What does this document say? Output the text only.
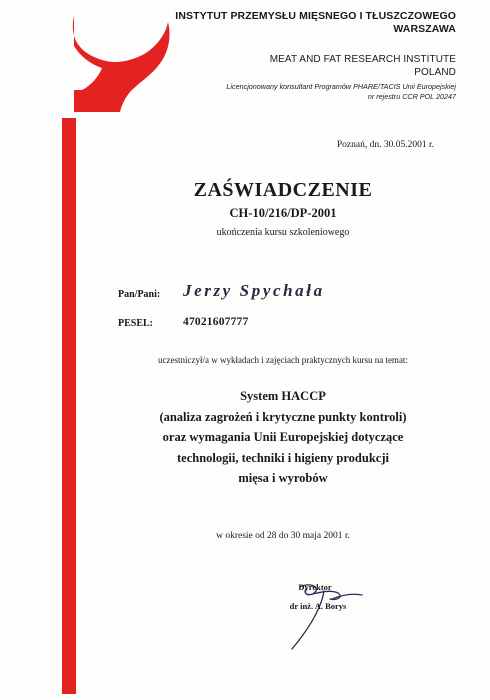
INSTYTUT PRZEMYSŁU MIĘSNEGO I TŁUSZCZOWEGO
WARSZAWA
MEAT AND FAT RESEARCH INSTITUTE
POLAND
Licencjonowany konsultant Programów PHARE/TACIS Unii Europejskiej
nr rejestru CCR POL 20247
Poznań, dn. 30.05.2001 r.
ZAŚWIADCZENIE
CH-10/216/DP-2001
ukończenia kursu szkoleniowego
Pan/Pani: Jerzy Spychała
PESEL:	47021607777
uczestniczył/a w wykładach i zajęciach praktycznych kursu na temat:
System HACCP
(analiza zagrożeń i krytyczne punkty kontroli)
oraz wymagania Unii Europejskiej dotyczące
technologii, techniki i higieny produkcji
mięsa i wyrobów
w okresie od 28 do 30 maja 2001 r.
Dyrektor
dr inż. A. Borys
